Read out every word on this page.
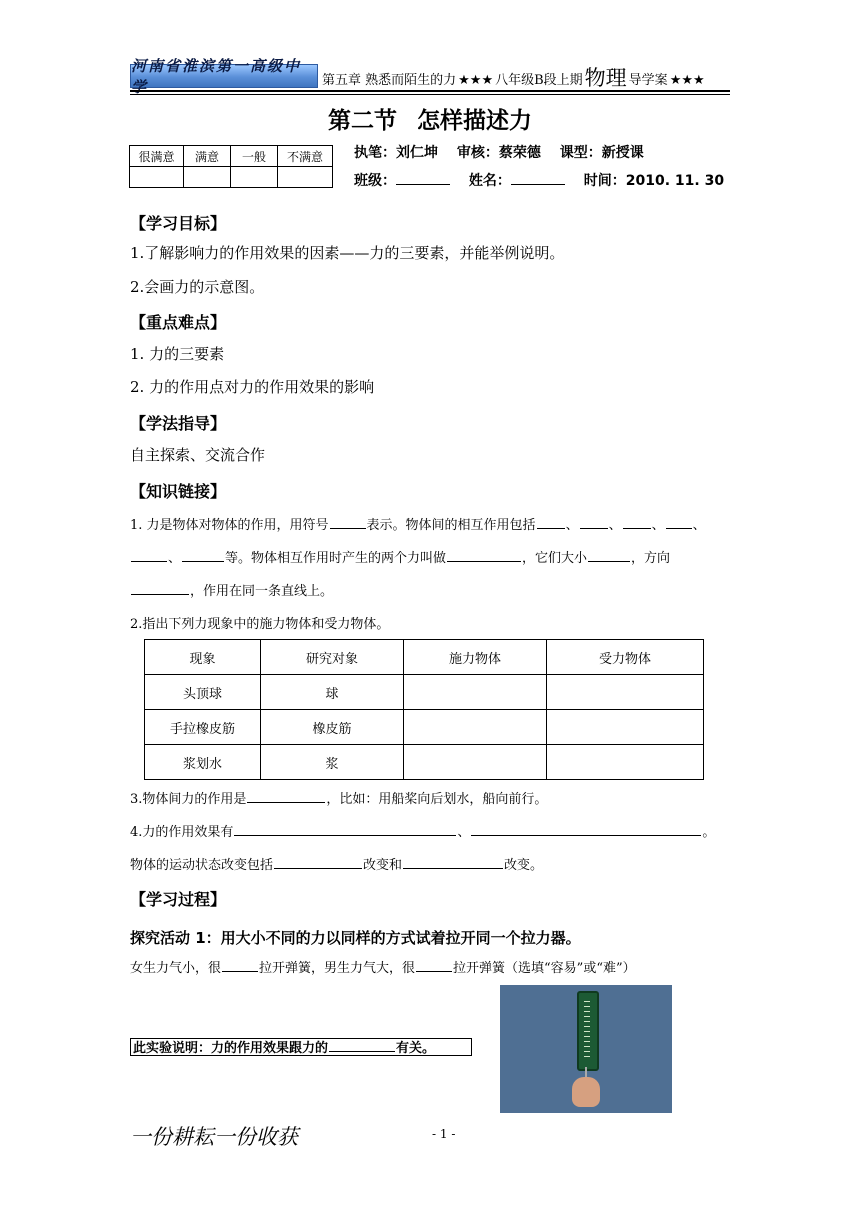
河南省淮滨第一高级中学	第五章 熟悉而陌生的力 ★★★ 八年级B段上期 物理 导学案 ★★★
第二节 怎样描述力
很满意	满意	一般	不满意
			执笔：刘仁坤 审核：蔡荣德 课型：新授课
班级：	姓名：	时间：2010. 11. 30
【学习目标】
1.了解影响力的作用效果的因素——力的三要素，并能举例说明。
2.会画力的示意图。
【重点难点】
1. 力的三要素
2. 力的作用点对力的作用效果的影响
【学法指导】
自主探索、交流合作
【知识链接】
1. 力是物体对物体的作用，用符号	表示。物体间的相互作用包括 、 、 、 、
、	等。物体相互作用时产生的两个力叫做	，它们大小	，方向
，作用在同一条直线上。
2.指出下列力现象中的施力物体和受力物体。
现象	研究对象	施力物体	受力物体
头顶球	球		
手拉橡皮筋	橡皮筋		
浆划水	浆		
3.物体间力的作用是	，比如：用船桨向后划水，船向前行。
4.力的作用效果有	、	。
物体的运动状态改变包括	改变和	改变。
【学习过程】
探究活动 1：用大小不同的力以同样的方式试着拉开同一个拉力器。
女生力气小，很	拉开弹簧，男生力气大，很	拉开弹簧（选填“容易”或“难”）
此实验说明：力的作用效果跟力的	有关。
一份耕耘一份收获	- 1 -
